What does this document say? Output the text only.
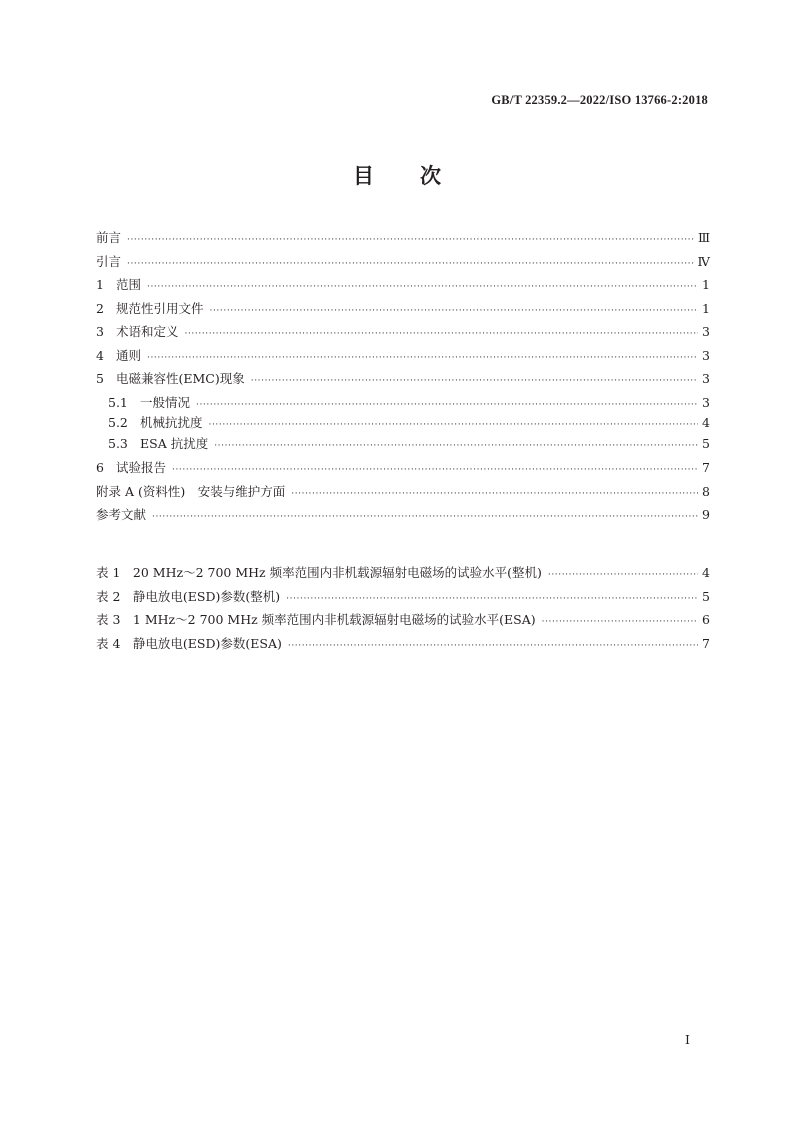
GB/T 22359.2—2022/ISO 13766-2:2018
目次
前言 ·····	Ⅲ
引言 ·····	Ⅳ
1 范围 ·····	1
2 规范性引用文件 ·····	1
3 术语和定义 ·····	3
4 通则 ·····	3
5 电磁兼容性(EMC)现象 ·····	3
5.1 一般情况 ·····	3
5.2 机械抗扰度 ·····	4
5.3 ESA 抗扰度 ·····	5
6 试验报告 ·····	7
附录 A (资料性)　安装与维护方面 ·····	8
参考文献 ·····	9
表 1　20 MHz～2 700 MHz 频率范围内非机载源辐射电磁场的试验水平(整机) ·····	4
表 2　静电放电(ESD)参数(整机) ·····	5
表 3　1 MHz～2 700 MHz 频率范围内非机载源辐射电磁场的试验水平(ESA) ·····	6
表 4　静电放电(ESD)参数(ESA) ·····	7
Ⅰ
